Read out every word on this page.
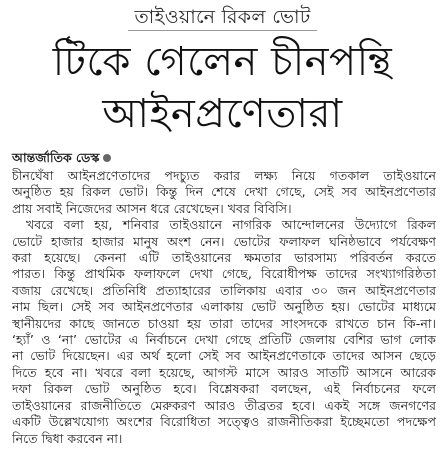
তাইওয়ানে রিকল ভোট
টিকে গেলেন চীনপন্থি
আইনপ্রণেতারা
আন্তর্জাতিক ডেস্ক
চীনঘেঁষা আইনপ্রণেতাদের পদচ্যুত করার লক্ষ্য নিয়ে গতকাল তাইওয়ানে
অনুষ্ঠিত হয় রিকল ভোট। কিন্তু দিন শেষে দেখা গেছে, সেই সব আইনপ্রণেতার
প্রায় সবাই নিজেদের আসন ধরে রেখেছেন। খবর বিবিসি।
খবরে বলা হয়, শনিবার তাইওয়ানে নাগরিক আন্দোলনের উদ্যোগে রিকল
ভোটে হাজার হাজার মানুষ অংশ নেন। ভোটের ফলাফল ঘনিষ্ঠভাবে পর্যবেক্ষণ
করা হয়েছে। কেননা এটি তাইওয়ানের ক্ষমতার ভারসাম্য পরিবর্তন করতে
পারত। কিন্তু প্রাথমিক ফলাফলে দেখা গেছে, বিরোধীপক্ষ তাদের সংখ্যাগরিষ্ঠতা
বজায় রেখেছে। প্রতিনিধি প্রত্যাহারের তালিকায় এবার ৩০ জন আইনপ্রণেতার
নাম ছিল। সেই সব আইনপ্রণেতার এলাকায় ভোট অনুষ্ঠিত হয়। ভোটের মাধ্যমে
স্থানীয়দের কাছে জানতে চাওয়া হয় তারা তাদের সাংসদকে রাখতে চান কি-না।
‘হ্যাঁ’ ও ‘না’ ভোটের এ নির্বাচনে দেখা গেছে প্রতিটি জেলায় বেশির ভাগ লোক
না ভোট দিয়েছেন। এর অর্থ হলো সেই সব আইনপ্রণেতাকে তাদের আসন ছেড়ে
দিতে হবে না। খবরে বলা হয়েছে, আগস্ট মাসে আরও সাতটি আসনে আরেক
দফা রিকল ভোট অনুষ্ঠিত হবে। বিশ্লেষকরা বলছেন, এই নির্বাচনের ফলে
তাইওয়ানের রাজনীতিতে মেরুকরণ আরও তীব্রতর হবে। একই সঙ্গে জনগণের
একটি উল্লেখযোগ্য অংশের বিরোধিতা সত্ত্বেও রাজনীতিকরা ইচ্ছেমতো পদক্ষেপ
নিতে দ্বিধা করবেন না।
